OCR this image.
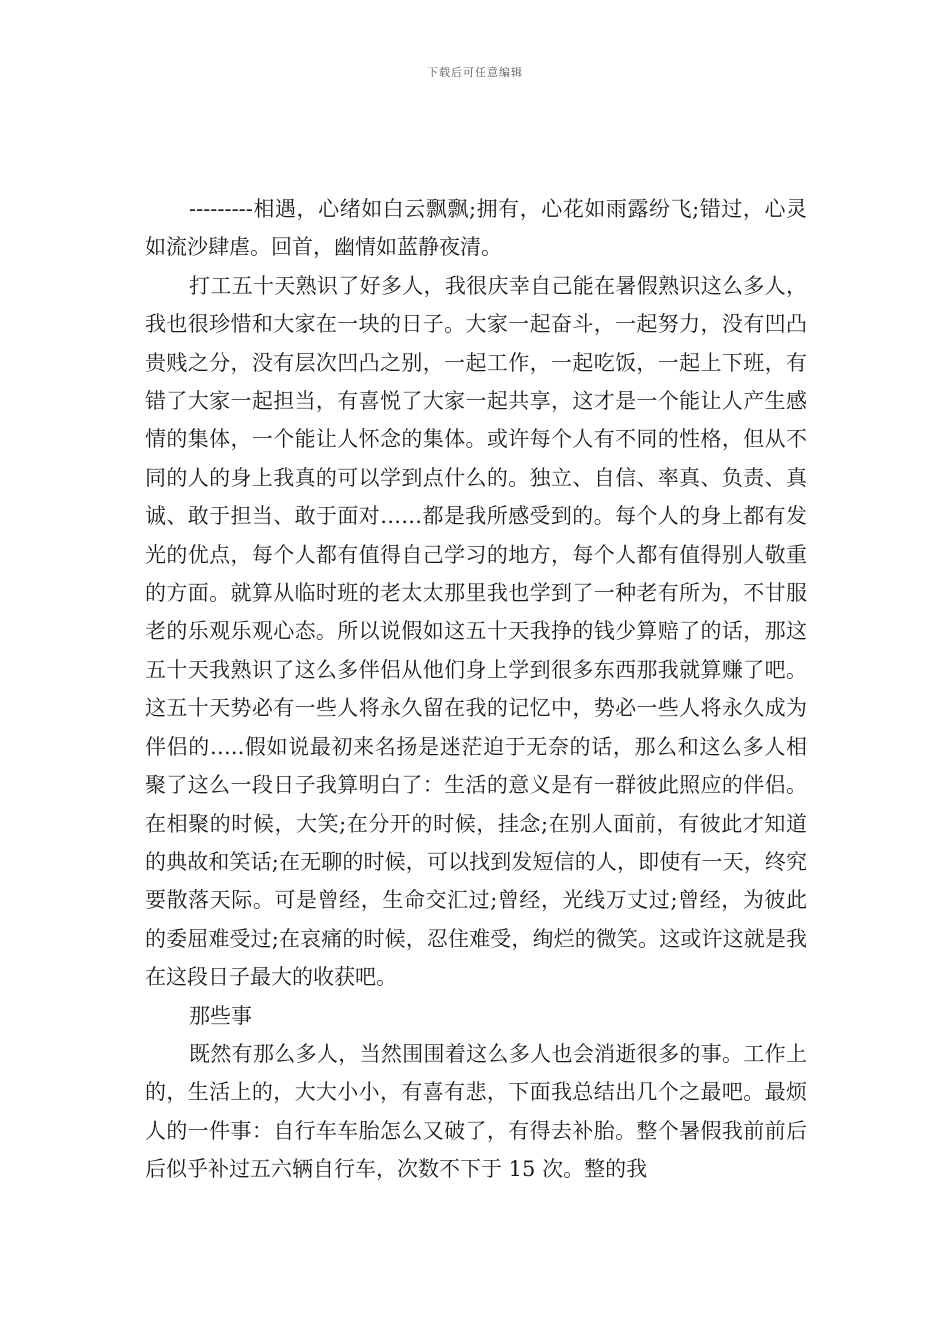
下载后可任意编辑

---------相遇，心绪如白云飘飘;拥有，心花如雨露纷飞;错过，心灵如流沙肆虐。回首，幽情如蓝静夜清。

打工五十天熟识了好多人，我很庆幸自己能在暑假熟识这么多人，我也很珍惜和大家在一块的日子。大家一起奋斗，一起努力，没有凹凸贵贱之分，没有层次凹凸之别，一起工作，一起吃饭，一起上下班，有错了大家一起担当，有喜悦了大家一起共享，这才是一个能让人产生感情的集体，一个能让人怀念的集体。或许每个人有不同的性格，但从不同的人的身上我真的可以学到点什么的。独立、自信、率真、负责、真诚、敢于担当、敢于面对……都是我所感受到的。每个人的身上都有发光的优点，每个人都有值得自己学习的地方，每个人都有值得别人敬重的方面。就算从临时班的老太太那里我也学到了一种老有所为，不甘服老的乐观乐观心态。所以说假如这五十天我挣的钱少算赔了的话，那这五十天我熟识了这么多伴侣从他们身上学到很多东西那我就算赚了吧。这五十天势必有一些人将永久留在我的记忆中，势必一些人将永久成为伴侣的…..假如说最初来名扬是迷茫迫于无奈的话，那么和这么多人相聚了这么一段日子我算明白了：生活的意义是有一群彼此照应的伴侣。在相聚的时候，大笑;在分开的时候，挂念;在别人面前，有彼此才知道的典故和笑话;在无聊的时候，可以找到发短信的人，即使有一天，终究要散落天际。可是曾经，生命交汇过;曾经，光线万丈过;曾经，为彼此的委屈难受过;在哀痛的时候，忍住难受，绚烂的微笑。这或许这就是我在这段日子最大的收获吧。

那些事

既然有那么多人，当然围围着这么多人也会消逝很多的事。工作上的，生活上的，大大小小，有喜有悲，下面我总结出几个之最吧。最烦人的一件事：自行车车胎怎么又破了，有得去补胎。整个暑假我前前后后似乎补过五六辆自行车，次数不下于 15 次。整的我
